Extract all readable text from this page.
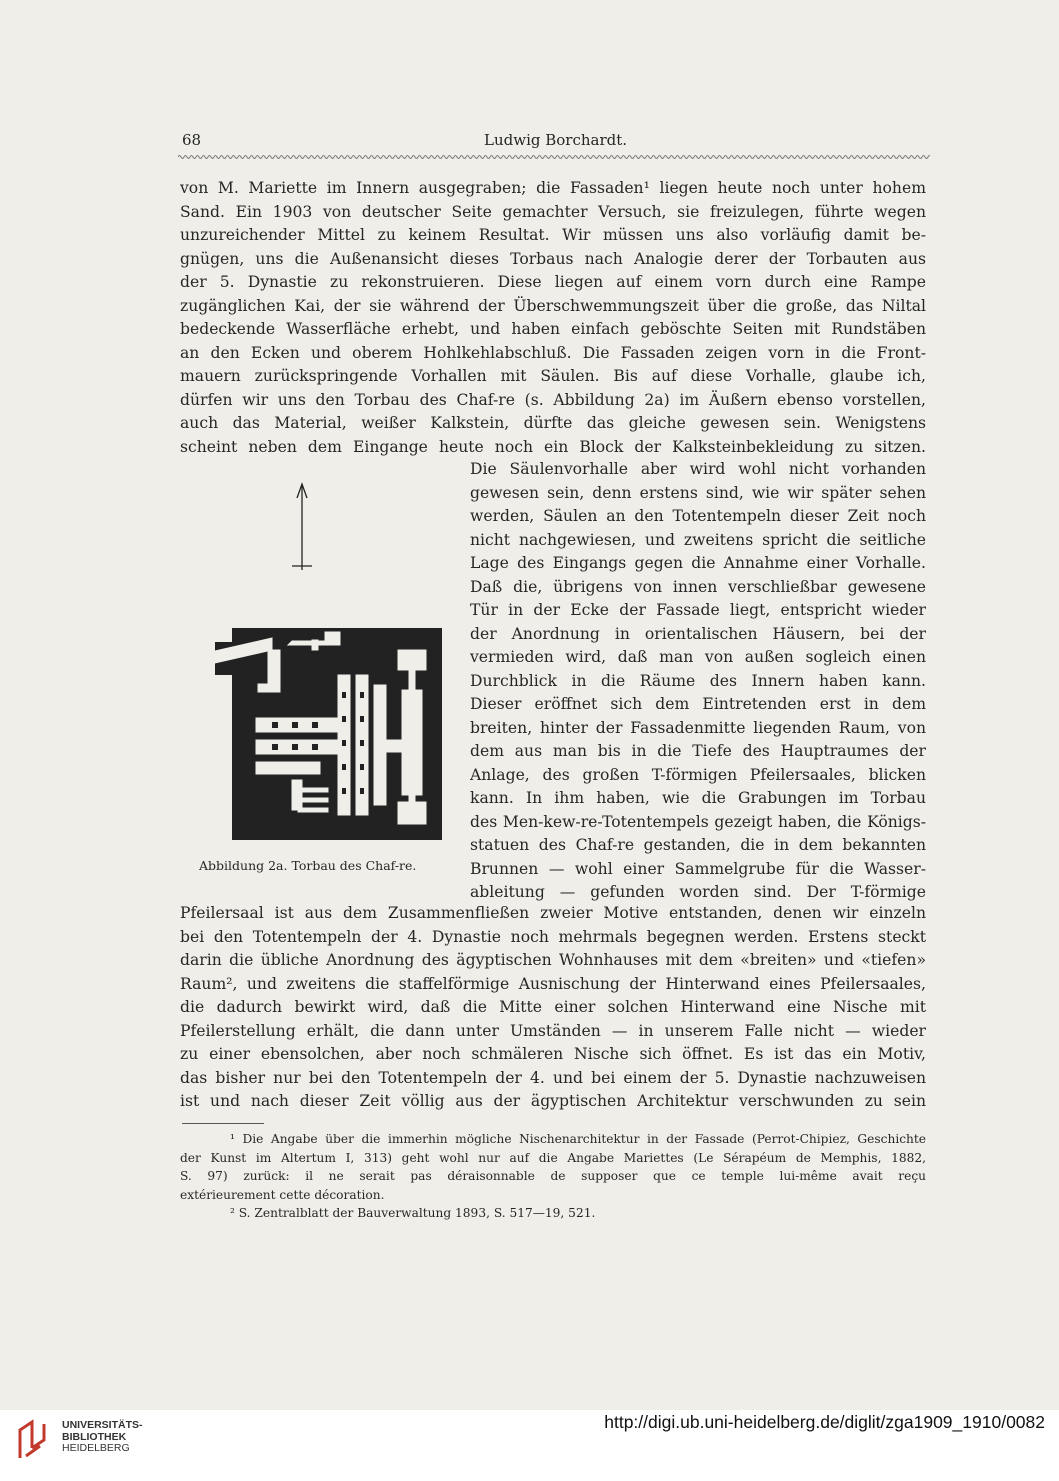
68	Ludwig Borchardt.
von M. Mariette im Innern ausgegraben; die Fassaden¹ liegen heute noch unter hohem
Sand. Ein 1903 von deutscher Seite gemachter Versuch, sie freizulegen, führte wegen
unzureichender Mittel zu keinem Resultat. Wir müssen uns also vorläufig damit be-
gnügen, uns die Außenansicht dieses Torbaus nach Analogie derer der Torbauten aus
der 5. Dynastie zu rekonstruieren. Diese liegen auf einem vorn durch eine Rampe
zugänglichen Kai, der sie während der Überschwemmungszeit über die große, das Niltal
bedeckende Wasserfläche erhebt, und haben einfach geböschte Seiten mit Rundstäben
an den Ecken und oberem Hohlkehlabschluß. Die Fassaden zeigen vorn in die Front-
mauern zurückspringende Vorhallen mit Säulen. Bis auf diese Vorhalle, glaube ich,
dürfen wir uns den Torbau des Chaf-re (s. Abbildung 2a) im Äußern ebenso vorstellen,
auch das Material, weißer Kalkstein, dürfte das gleiche gewesen sein. Wenigstens
scheint neben dem Eingange heute noch ein Block der Kalksteinbekleidung zu sitzen.
Abbildung 2a. Torbau des Chaf-re.
Die Säulenvorhalle aber wird wohl nicht vorhanden
gewesen sein, denn erstens sind, wie wir später sehen
werden, Säulen an den Totentempeln dieser Zeit noch
nicht nachgewiesen, und zweitens spricht die seitliche
Lage des Eingangs gegen die Annahme einer Vorhalle.
Daß die, übrigens von innen verschließbar gewesene
Tür in der Ecke der Fassade liegt, entspricht wieder
der Anordnung in orientalischen Häusern, bei der
vermieden wird, daß man von außen sogleich einen
Durchblick in die Räume des Innern haben kann.
Dieser eröffnet sich dem Eintretenden erst in dem
breiten, hinter der Fassadenmitte liegenden Raum, von
dem aus man bis in die Tiefe des Hauptraumes der
Anlage, des großen T-förmigen Pfeilersaales, blicken
kann. In ihm haben, wie die Grabungen im Torbau
des Men-kew-re-Totentempels gezeigt haben, die Königs-
statuen des Chaf-re gestanden, die in dem bekannten
Brunnen — wohl einer Sammelgrube für die Wasser-
ableitung — gefunden worden sind. Der T-förmige
Pfeilersaal ist aus dem Zusammenfließen zweier Motive entstanden, denen wir einzeln
bei den Totentempeln der 4. Dynastie noch mehrmals begegnen werden. Erstens steckt
darin die übliche Anordnung des ägyptischen Wohnhauses mit dem «breiten» und «tiefen»
Raum², und zweitens die staffelförmige Ausnischung der Hinterwand eines Pfeilersaales,
die dadurch bewirkt wird, daß die Mitte einer solchen Hinterwand eine Nische mit
Pfeilerstellung erhält, die dann unter Umständen — in unserem Falle nicht — wieder
zu einer ebensolchen, aber noch schmäleren Nische sich öffnet. Es ist das ein Motiv,
das bisher nur bei den Totentempeln der 4. und bei einem der 5. Dynastie nachzuweisen
ist und nach dieser Zeit völlig aus der ägyptischen Architektur verschwunden zu sein
¹ Die Angabe über die immerhin mögliche Nischenarchitektur in der Fassade (Perrot-Chipiez, Geschichte
der Kunst im Altertum I, 313) geht wohl nur auf die Angabe Mariettes (Le Sérapéum de Memphis, 1882,
S. 97) zurück: il ne serait pas déraisonnable de supposer que ce temple lui-même avait reçu
extérieurement cette décoration.
² S. Zentralblatt der Bauverwaltung 1893, S. 517—19, 521.
UNIVERSITÄTS-
BIBLIOTHEK
HEIDELBERG
http://digi.ub.uni-heidelberg.de/diglit/zga1909_1910/0082
